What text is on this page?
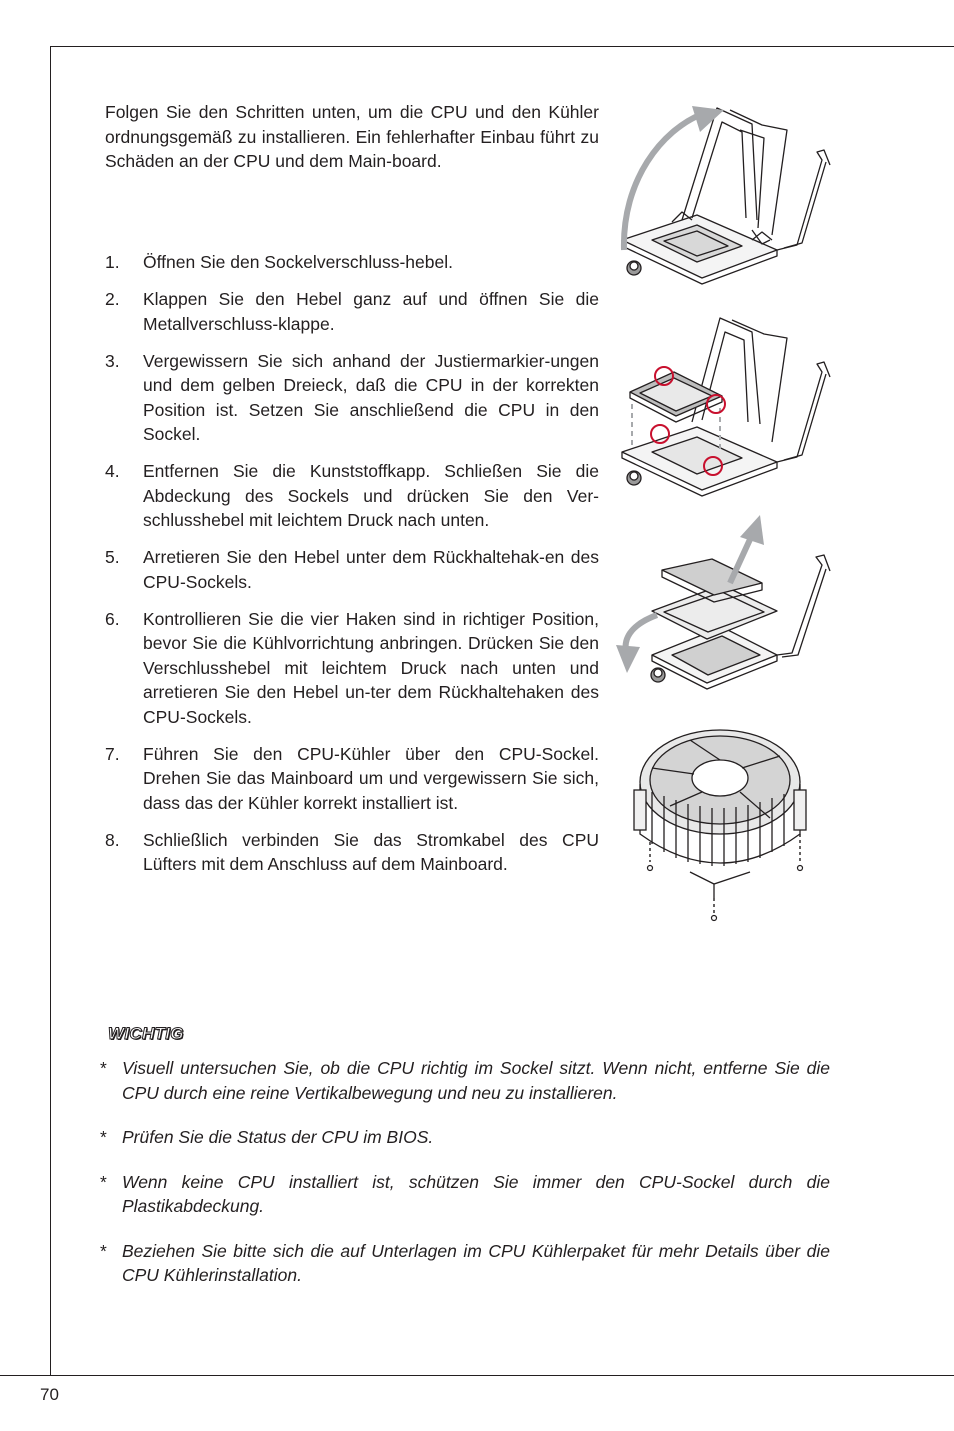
Folgen Sie den Schritten unten, um die CPU und den Kühler ordnungsgemäß zu installieren. Ein fehlerhafter Einbau führt zu Schäden an der CPU und dem Main-board.

1. Öffnen Sie den Sockelverschluss-hebel.
2. Klappen Sie den Hebel ganz auf und öffnen Sie die Metallverschluss-klappe.
3. Vergewissern Sie sich anhand der Justiermarkier-ungen und dem gelben Dreieck, daß die CPU in der korrekten Position ist. Setzen Sie anschließend die CPU in den Sockel.
4. Entfernen Sie die Kunststoffkapp. Schließen Sie die Abdeckung des Sockels und drücken Sie den Ver-schlusshebel mit leichtem Druck nach unten.
5. Arretieren Sie den Hebel unter dem Rückhaltehak-en des CPU-Sockels.
6. Kontrollieren Sie die vier Haken sind in richtiger Position, bevor Sie die Kühlvorrichtung anbringen. Drücken Sie den Verschlusshebel mit leichtem Druck nach unten und arretieren Sie den Hebel un-ter dem Rückhaltehaken des CPU-Sockels.
7. Führen Sie den CPU-Kühler über den CPU-Sockel. Drehen Sie das Mainboard um und vergewissern Sie sich, dass das der Kühler korrekt installiert ist.
8. Schließlich verbinden Sie das Stromkabel des CPU Lüfters mit dem Anschluss auf dem Mainboard.
WICHTIG
* Visuell untersuchen Sie, ob die CPU richtig im Sockel sitzt. Wenn nicht, entferne Sie die CPU durch eine reine Vertikalbewegung und neu zu installieren.
* Prüfen Sie die Status der CPU im BIOS.
* Wenn keine CPU installiert ist, schützen Sie immer den CPU-Sockel durch die Plastikabdeckung.
* Beziehen Sie bitte sich die auf Unterlagen im CPU Kühlerpaket für mehr Details über die CPU Kühlerinstallation.
70
